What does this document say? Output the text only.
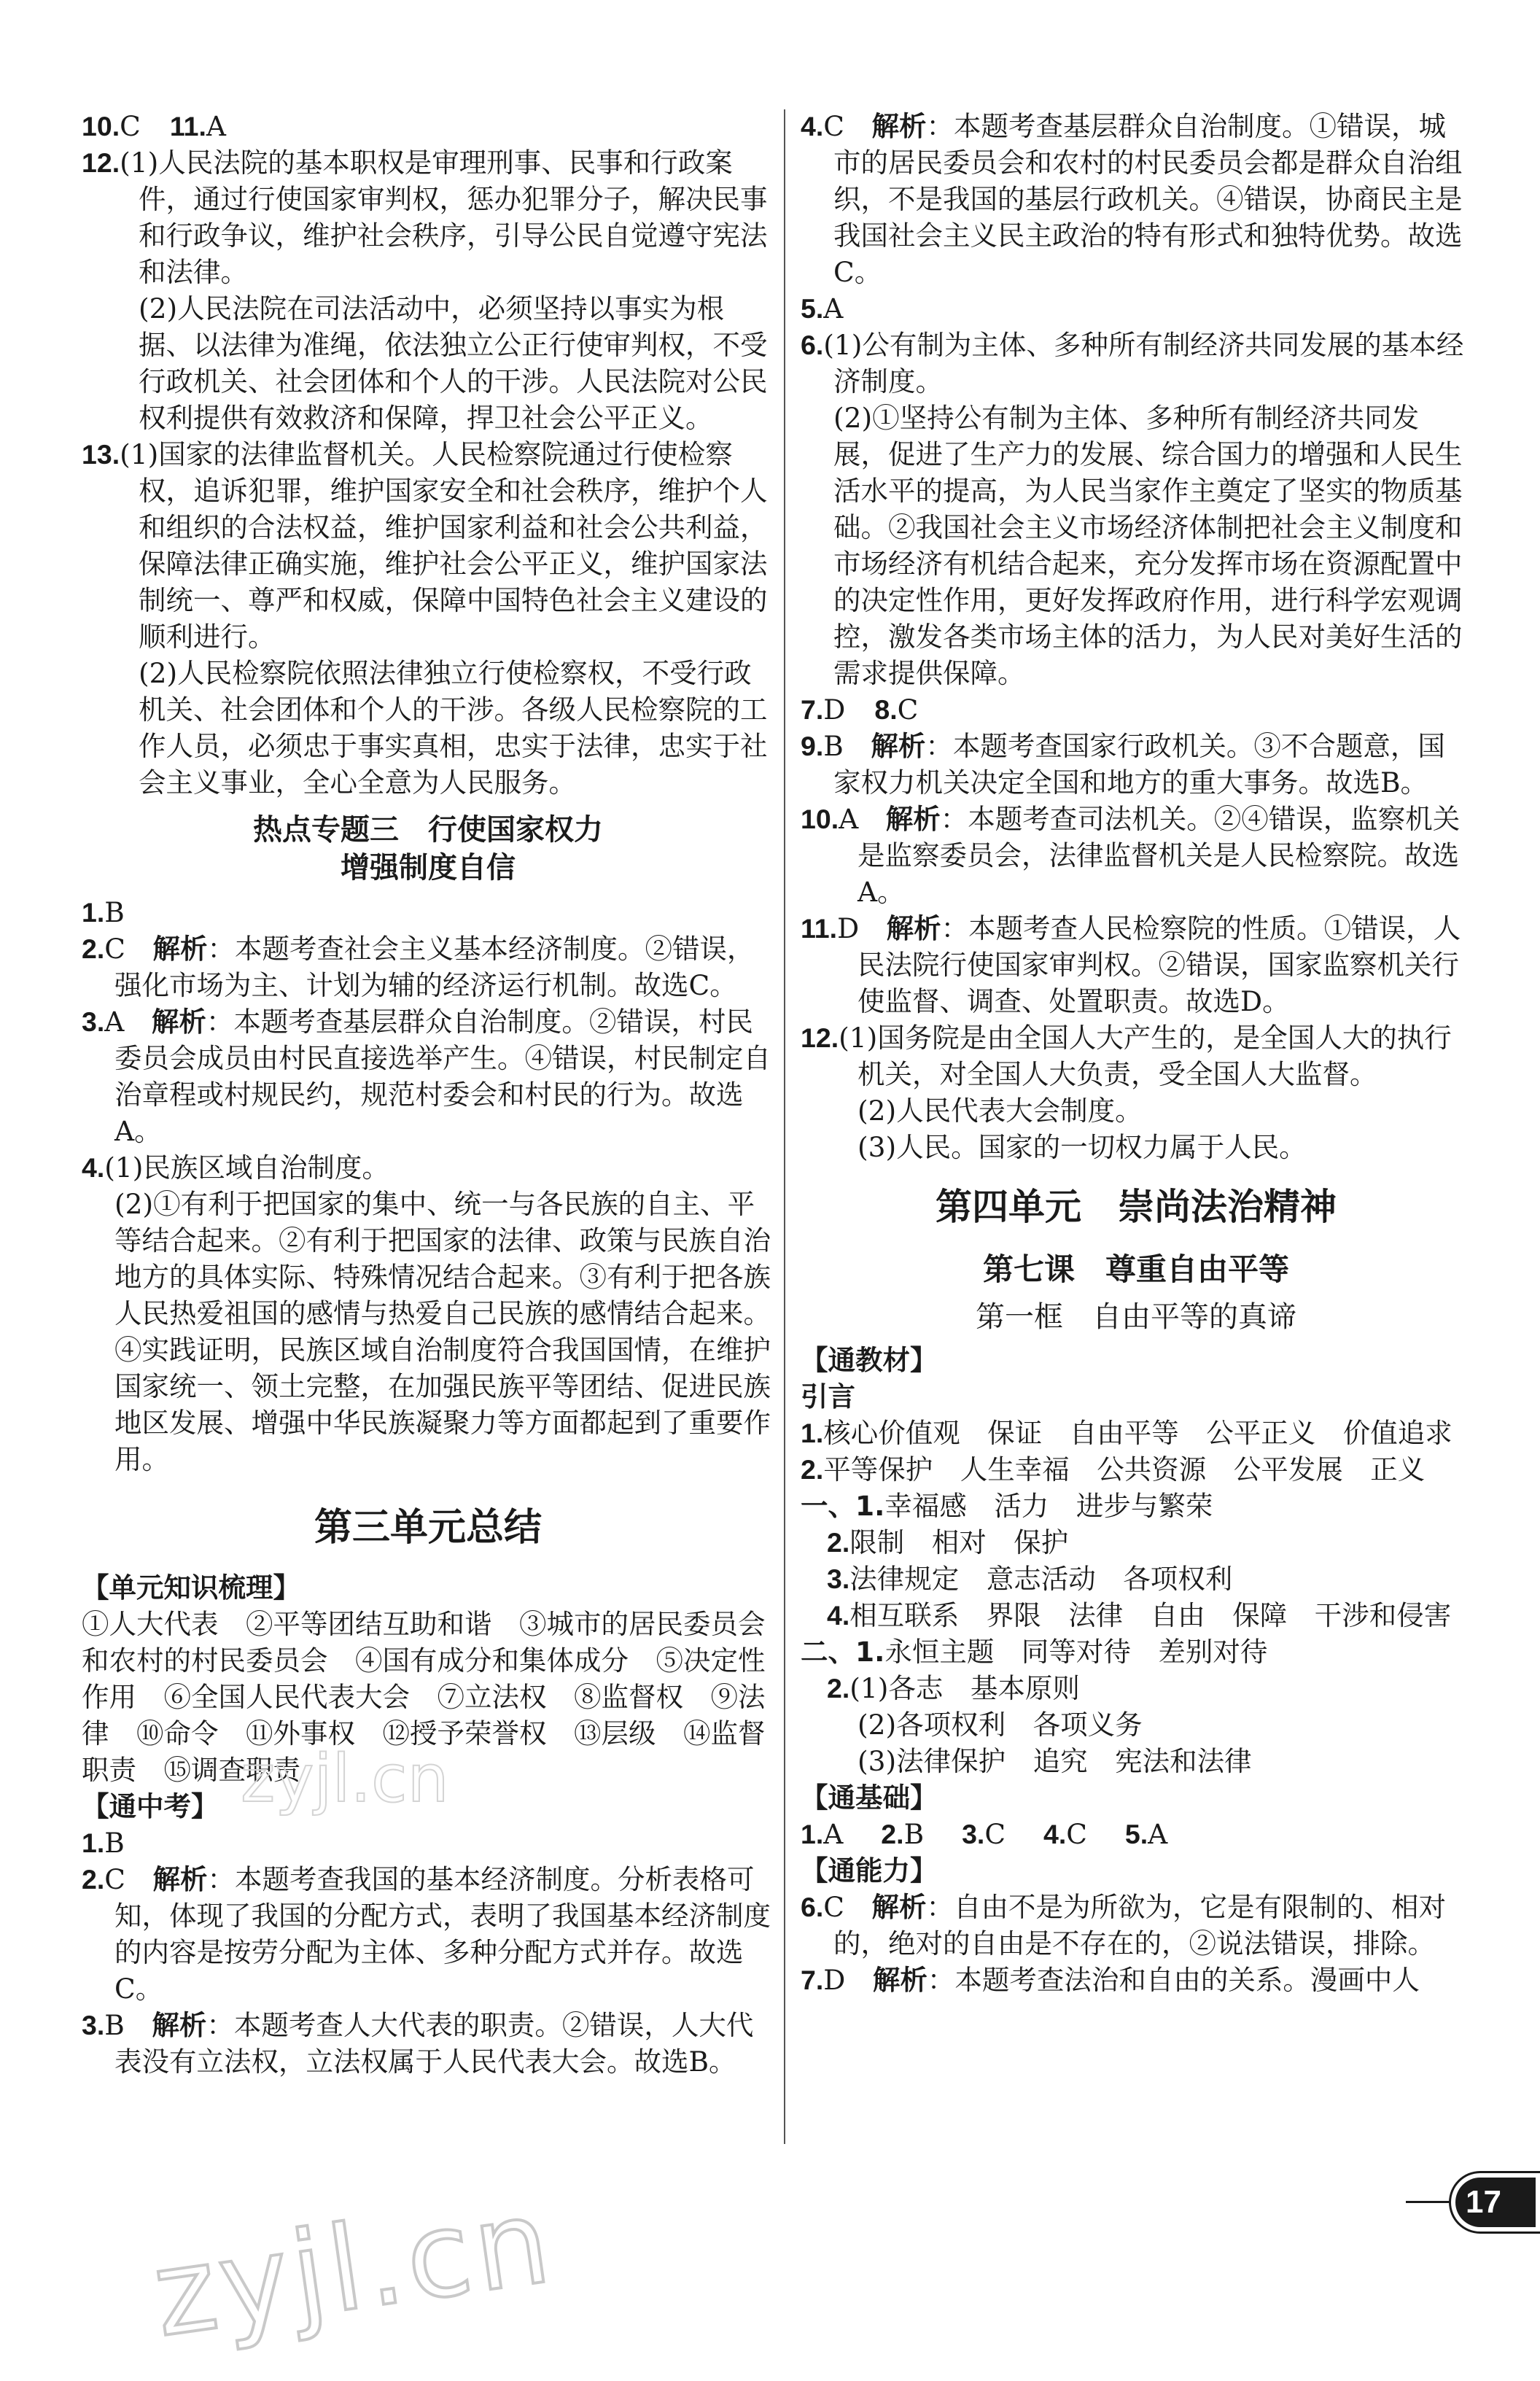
10.C 11.A

12.(1)人民法院的基本职权是审理刑事、民事和行政案件，通过行使国家审判权，惩办犯罪分子，解决民事和行政争议，维护社会秩序，引导公民自觉遵守宪法和法律。

(2)人民法院在司法活动中，必须坚持以事实为根据、以法律为准绳，依法独立公正行使审判权，不受行政机关、社会团体和个人的干涉。人民法院对公民权利提供有效救济和保障，捍卫社会公平正义。

13.(1)国家的法律监督机关。人民检察院通过行使检察权，追诉犯罪，维护国家安全和社会秩序，维护个人和组织的合法权益，维护国家利益和社会公共利益，保障法律正确实施，维护社会公平正义，维护国家法制统一、尊严和权威，保障中国特色社会主义建设的顺利进行。

(2)人民检察院依照法律独立行使检察权，不受行政机关、社会团体和个人的干涉。各级人民检察院的工作人员，必须忠于事实真相，忠实于法律，忠实于社会主义事业，全心全意为人民服务。

热点专题三　行使国家权力
增强制度自信

1.B

2.C　 解析：本题考查社会主义基本经济制度。②错误，强化市场为主、计划为辅的经济运行机制。故选C。

3.A　 解析：本题考查基层群众自治制度。②错误，村民委员会成员由村民直接选举产生。④错误，村民制定自治章程或村规民约，规范村委会和村民的行为。故选A。

4.(1)民族区域自治制度。

(2)①有利于把国家的集中、统一与各民族的自主、平等结合起来。②有利于把国家的法律、政策与民族自治地方的具体实际、特殊情况结合起来。③有利于把各族人民热爱祖国的感情与热爱自己民族的感情结合起来。④实践证明，民族区域自治制度符合我国国情，在维护国家统一、领土完整，在加强民族平等团结、促进民族地区发展、增强中华民族凝聚力等方面都起到了重要作用。

第三单元总结

【单元知识梳理】

①人大代表　②平等团结互助和谐　③城市的居民委员会和农村的村民委员会　④国有成分和集体成分　⑤决定性作用　⑥全国人民代表大会　⑦立法权　⑧监督权　⑨法律　⑩命令　⑪外事权　⑫授予荣誉权　⑬层级　⑭监督职责　⑮调查职责

【通中考】

1.B

2.C　 解析：本题考查我国的基本经济制度。分析表格可知，体现了我国的分配方式，表明了我国基本经济制度的内容是按劳分配为主体、多种分配方式并存。故选C。

3.B　 解析：本题考查人大代表的职责。②错误，人大代表没有立法权，立法权属于人民代表大会。故选B。

4.C　 解析：本题考查基层群众自治制度。①错误，城市的居民委员会和农村的村民委员会都是群众自治组织，不是我国的基层行政机关。④错误，协商民主是我国社会主义民主政治的特有形式和独特优势。故选C。

5.A

6.(1)公有制为主体、多种所有制经济共同发展的基本经济制度。

(2)①坚持公有制为主体、多种所有制经济共同发展，促进了生产力的发展、综合国力的增强和人民生活水平的提高，为人民当家作主奠定了坚实的物质基础。②我国社会主义市场经济体制把社会主义制度和市场经济有机结合起来，充分发挥市场在资源配置中的决定性作用，更好发挥政府作用，进行科学宏观调控，激发各类市场主体的活力，为人民对美好生活的需求提供保障。

7.D 8.C

9.B　 解析：本题考查国家行政机关。③不合题意，国家权力机关决定全国和地方的重大事务。故选B。

10.A　 解析：本题考查司法机关。②④错误，监察机关是监察委员会，法律监督机关是人民检察院。故选A。

11.D　 解析：本题考查人民检察院的性质。①错误，人民法院行使国家审判权。②错误，国家监察机关行使监督、调查、处置职责。故选D。

12.(1)国务院是由全国人大产生的，是全国人大的执行机关，对全国人大负责，受全国人大监督。

(2)人民代表大会制度。

(3)人民。国家的一切权力属于人民。

第四单元　崇尚法治精神
第七课　尊重自由平等
第一框　自由平等的真谛

【通教材】

引言

1.核心价值观　保证　自由平等　公平正义　价值追求

2.平等保护　人生幸福　公共资源　公平发展　正义

一、1.幸福感　活力　进步与繁荣

2.限制　相对　保护

3.法律规定　意志活动　各项权利

4.相互联系　界限　法律　自由　保障　干涉和侵害

二、1.永恒主题　同等对待　差别对待

2.(1)各志　基本原则

(2)各项权利　各项义务

(3)法律保护　追究　宪法和法律

【通基础】

1.A 2.B 3.C 4.C 5.A

【通能力】

6.C　 解析：自由不是为所欲为，它是有限制的、相对的，绝对的自由是不存在的，②说法错误，排除。

7.D　 解析：本题考查法治和自由的关系。漫画中人

17
zyjl.cn
zyjl.cn
